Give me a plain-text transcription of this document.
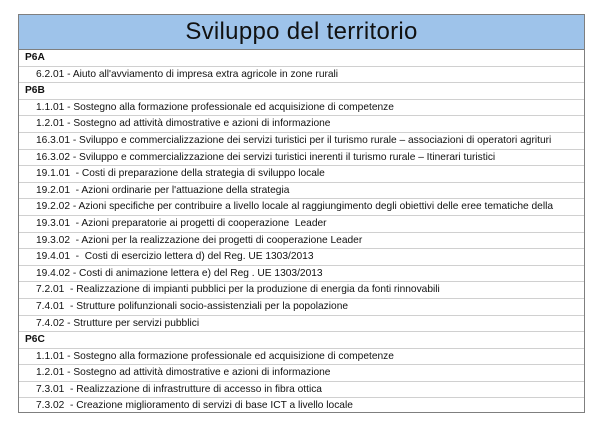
Sviluppo del territorio
P6A
6.2.01 - Aiuto all'avviamento di impresa extra agricole in zone rurali
P6B
1.1.01 - Sostegno alla formazione professionale ed acquisizione di competenze
1.2.01 - Sostegno ad attività dimostrative e azioni di informazione
16.3.01 - Sviluppo e commercializzazione dei servizi turistici per il turismo rurale – associazioni di operatori agrituri
16.3.02 - Sviluppo e commercializzazione dei servizi turistici inerenti il turismo rurale – Itinerari turistici
19.1.01  - Costi di preparazione della strategia di sviluppo locale
19.2.01  - Azioni ordinarie per l'attuazione della strategia
19.2.02 - Azioni specifiche per contribuire a livello locale al raggiungimento degli obiettivi delle eree tematiche della
19.3.01  - Azioni preparatorie ai progetti di cooperazione  Leader
19.3.02  - Azioni per la realizzazione dei progetti di cooperazione Leader
19.4.01  -  Costi di esercizio lettera d) del Reg. UE 1303/2013
19.4.02 - Costi di animazione lettera e) del Reg . UE 1303/2013
7.2.01  - Realizzazione di impianti pubblici per la produzione di energia da fonti rinnovabili
7.4.01  - Strutture polifunzionali socio-assistenziali per la popolazione
7.4.02 - Strutture per servizi pubblici
P6C
1.1.01 - Sostegno alla formazione professionale ed acquisizione di competenze
1.2.01 - Sostegno ad attività dimostrative e azioni di informazione
7.3.01  - Realizzazione di infrastrutture di accesso in fibra ottica
7.3.02  - Creazione miglioramento di servizi di base ICT a livello locale
